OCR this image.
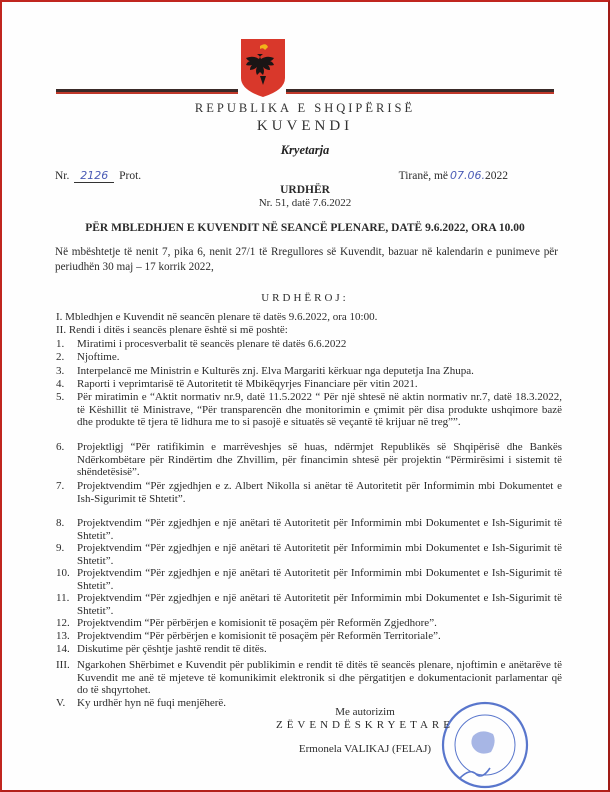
REPUBLIKA E SHQIPËRISË
KUVENDI
Kryetarja
Nr. 2126 Prot.	Tiranë, më 07.06.2022
URDHËR
Nr. 51, datë 7.6.2022
PËR MBLEDHJEN E KUVENDIT NË SEANCË PLENARE, DATË 9.6.2022, ORA 10.00
Në mbështetje të nenit 7, pika 6, nenit 27/1 të Rregullores së Kuvendit, bazuar në kalendarin e punimeve për periudhën 30 maj – 17 korrik 2022,
URDHËROJ:
I. Mbledhjen e Kuvendit në seancën plenare të datës 9.6.2022, ora 10:00.
II. Rendi i ditës i seancës plenare është si më poshtë:
1.	Miratimi i procesverbalit të seancës plenare të datës 6.6.2022
2.	Njoftime.
3.	Interpelancë me Ministrin e Kulturës znj. Elva Margariti kërkuar nga deputetja Ina Zhupa.
4.	Raporti i veprimtarisë të Autoritetit të Mbikëqyrjes Financiare për vitin 2021.
5.	Për miratimin e “Aktit normativ nr.9, datë 11.5.2022 “ Për një shtesë në aktin normativ nr.7, datë 18.3.2022, të Këshillit të Ministrave, “Për transparencën dhe monitorimin e çmimit për disa produkte ushqimore bazë dhe produkte të tjera të lidhura me to si pasojë e situatës së veçantë të krijuar në treg””.
6.	Projektligj “Për ratifikimin e marrëveshjes së huas, ndërmjet Republikës së Shqipërisë dhe Bankës Ndërkombëtare për Rindërtim dhe Zhvillim, për financimin shtesë për projektin “Përmirësimi i sistemit të shëndetësisë”.
7.	Projektvendim “Për zgjedhjen e z. Albert Nikolla si anëtar të Autoritetit për Informimin mbi Dokumentet e Ish-Sigurimit të Shtetit”.
8.	Projektvendim “Për zgjedhjen e një anëtari të Autoritetit për Informimin mbi Dokumentet e Ish-Sigurimit të Shtetit”.
9.	Projektvendim “Për zgjedhjen e një anëtari të Autoritetit për Informimin mbi Dokumentet e Ish-Sigurimit të Shtetit”.
10. Projektvendim “Për zgjedhjen e një anëtari të Autoritetit për Informimin mbi Dokumentet e Ish-Sigurimit të Shtetit”.
11. Projektvendim “Për zgjedhjen e një anëtari të Autoritetit për Informimin mbi Dokumentet e Ish-Sigurimit të Shtetit”.
12. Projektvendim “Për përbërjen e komisionit të posaçëm për Reformën Zgjedhore”.
13. Projektvendim “Për përbërjen e komisionit të posaçëm për Reformën Territoriale”.
14. Diskutime për çështje jashtë rendit të ditës.
III. Ngarkohen Shërbimet e Kuvendit për publikimin e rendit të ditës të seancës plenare, njoftimin e anëtarëve të Kuvendit me anë të mjeteve të komunikimit elektronik si dhe përgatitjen e dokumentacionit parlamentar që do të shqyrtohet.
V.	Ky urdhër hyn në fuqi menjëherë.
Me autorizim
ZËVENDËSKRYETARE
Ermonela VALIKAJ (FELAJ)
